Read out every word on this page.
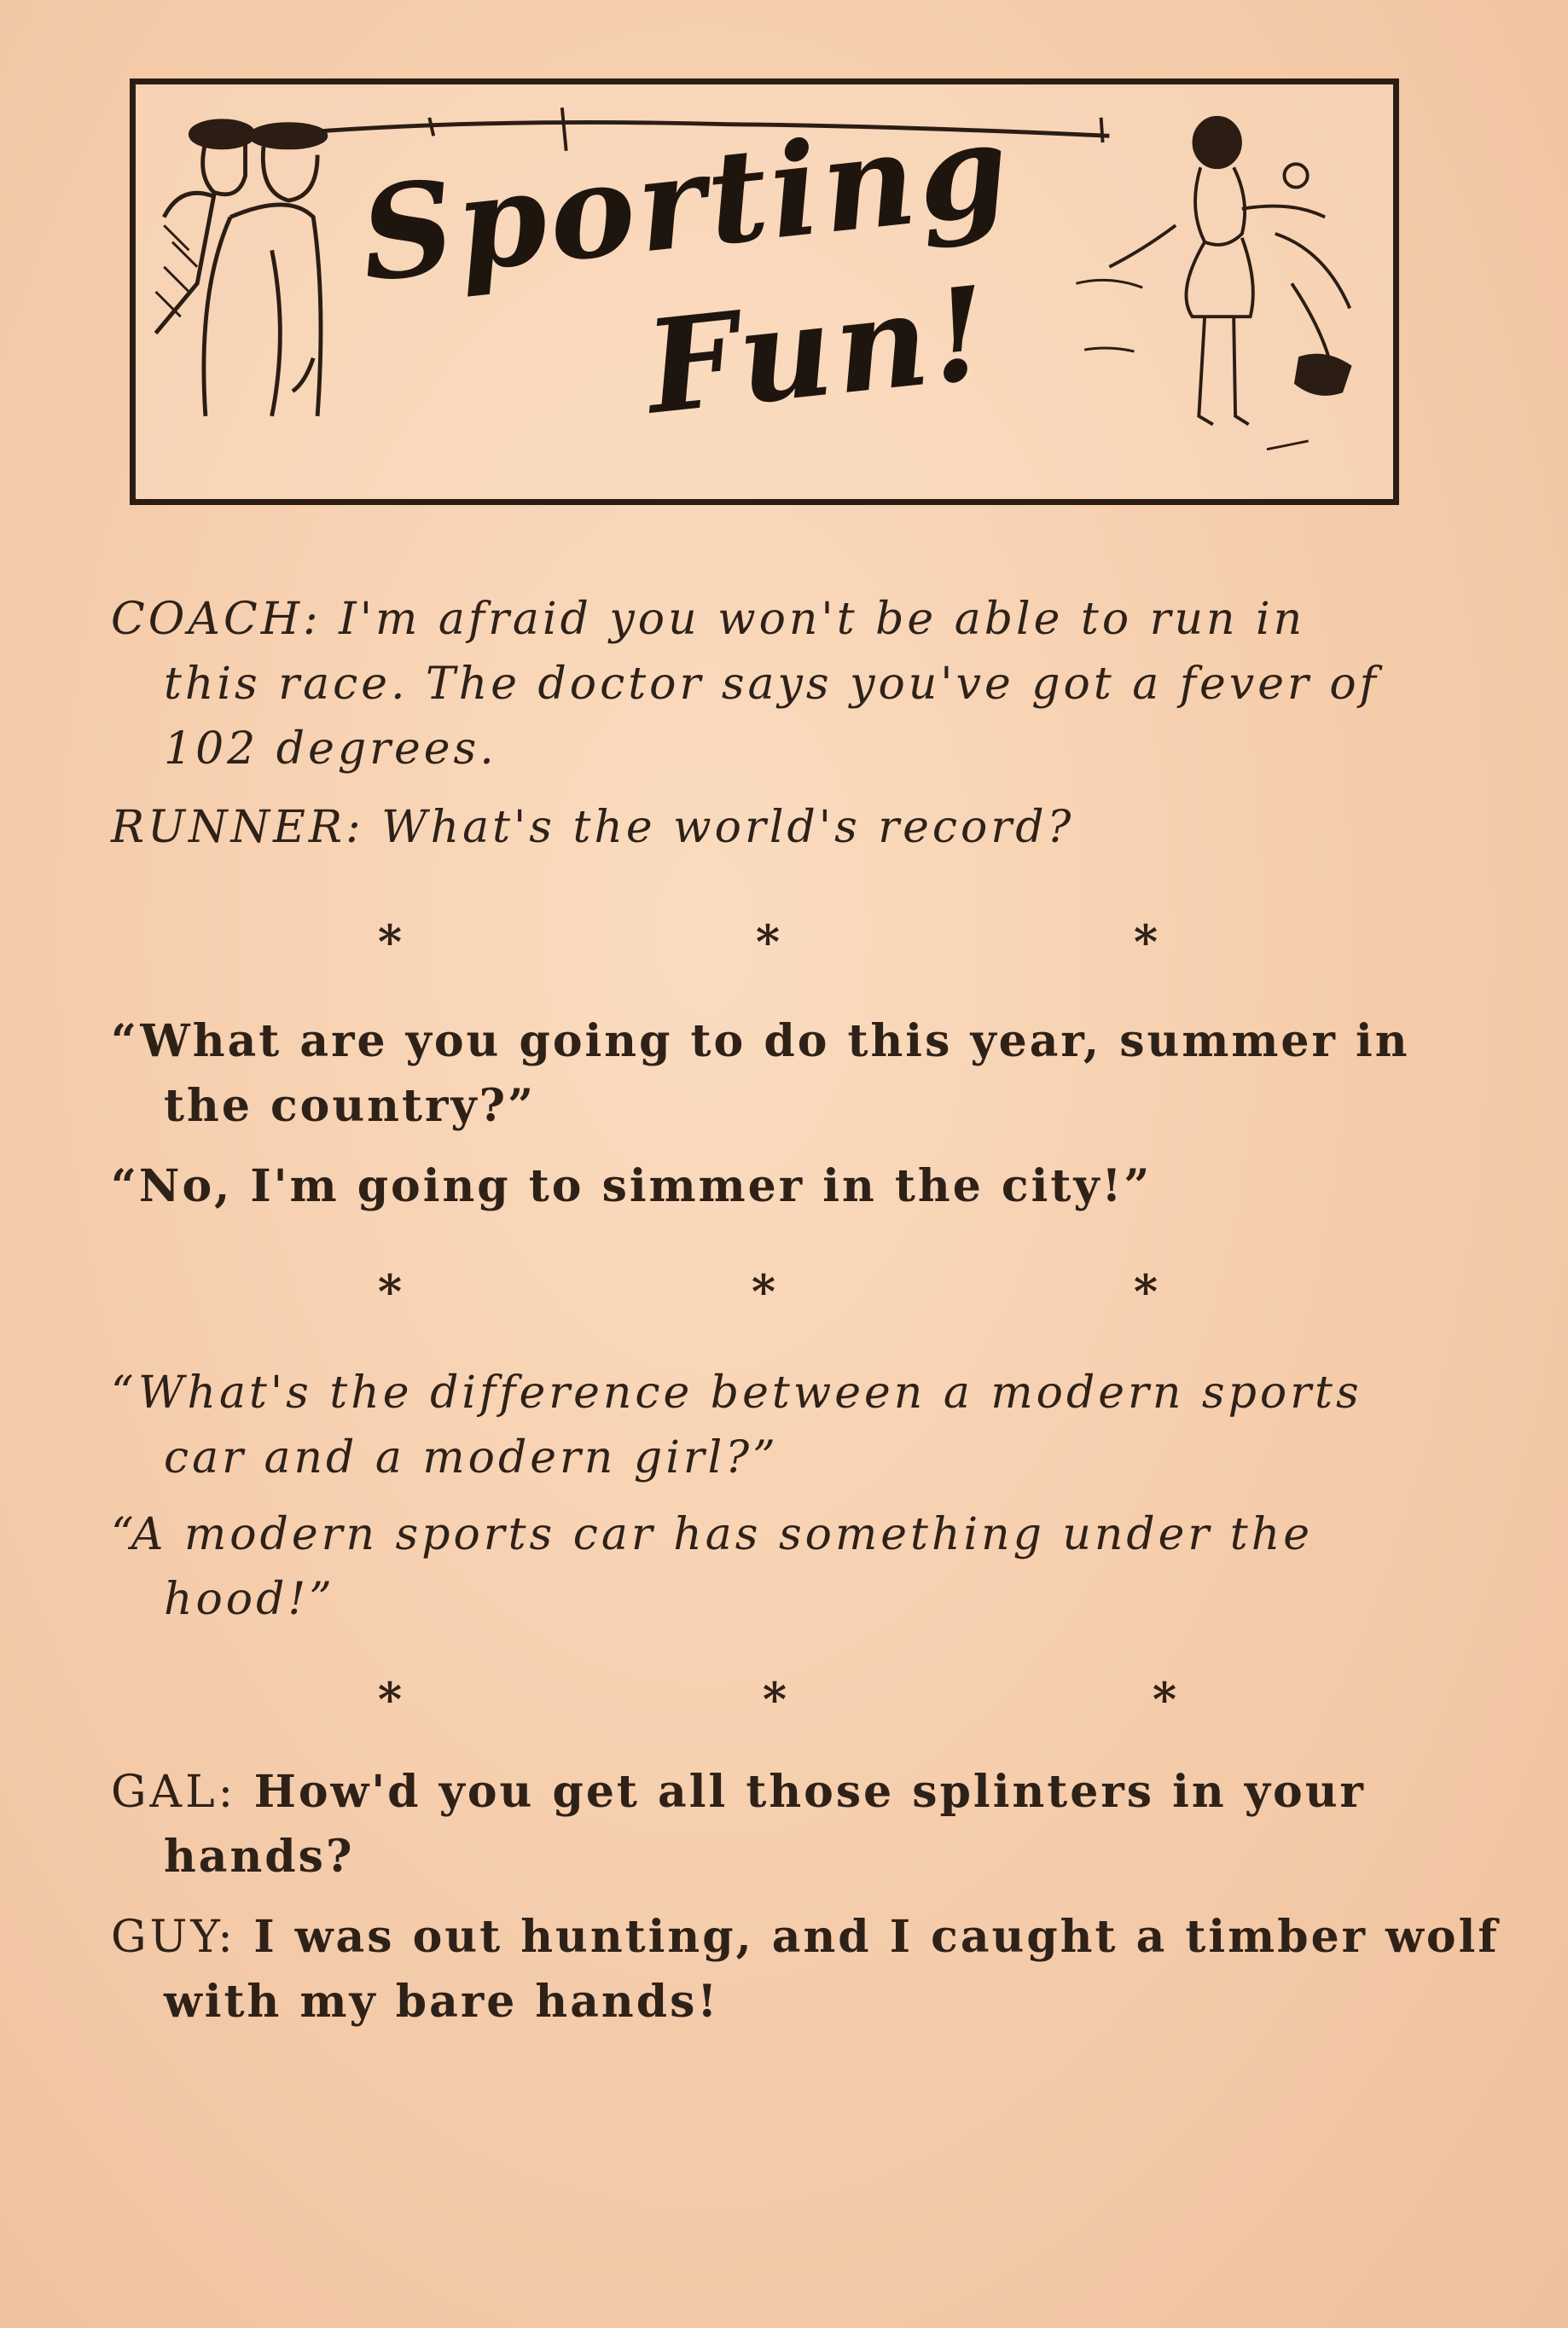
Sporting
Fun!
COACH: I'm afraid you won't be able to run in
this race. The doctor says you've got a fever of
102 degrees.
RUNNER: What's the world's record?
*	*	*
“What are you going to do this year, summer in
the country?”
“No, I'm going to simmer in the city!”
*	*	*
“What's the difference between a modern sports
car and a modern girl?”
“A modern sports car has something under the
hood!”
*	*	*
GAL: How'd you get all those splinters in your
hands?
GUY: I was out hunting, and I caught a timber wolf
with my bare hands!
